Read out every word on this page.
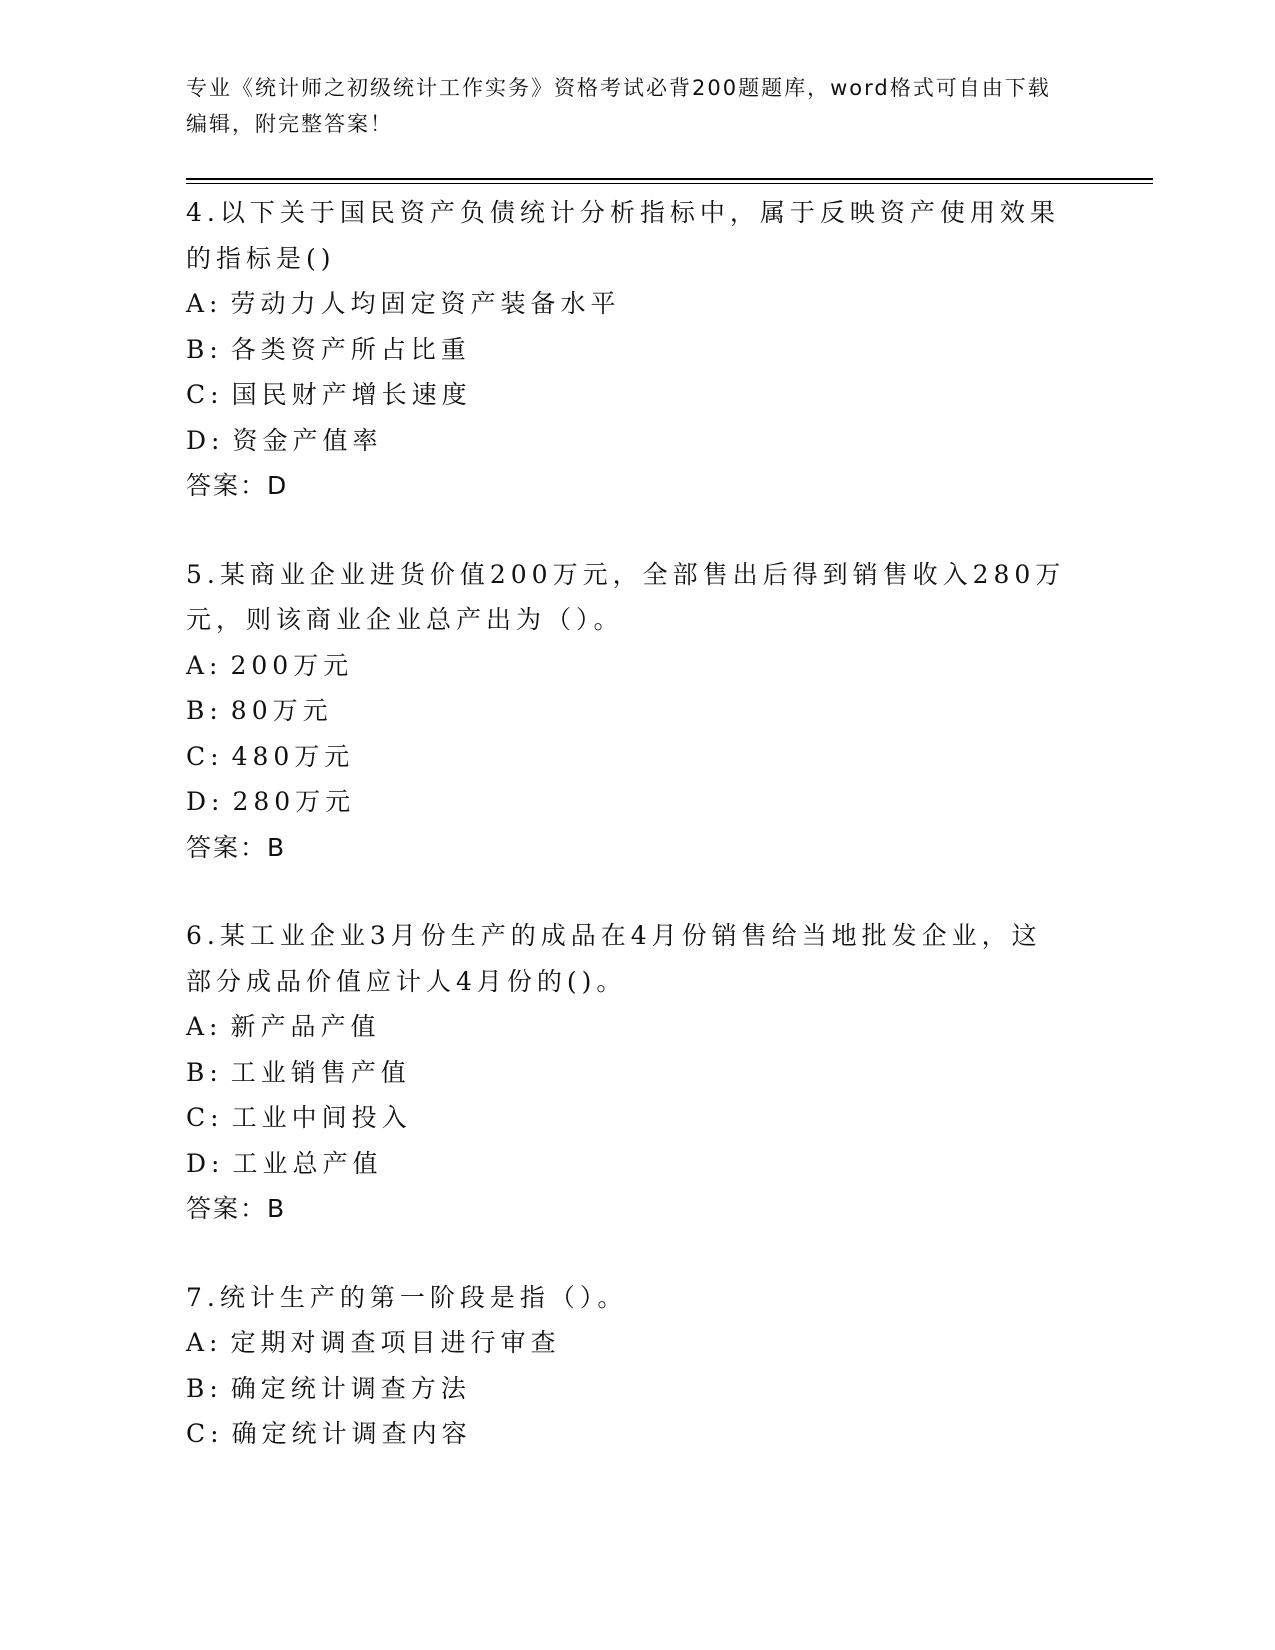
专业《统计师之初级统计工作实务》资格考试必背200题题库，word格式可自由下载编辑，附完整答案！
4.以下关于国民资产负债统计分析指标中，属于反映资产使用效果的指标是()
A: 劳动力人均固定资产装备水平
B: 各类资产所占比重
C: 国民财产增长速度
D: 资金产值率
答案：D
5.某商业企业进货价值200万元，全部售出后得到销售收入280万元，则该商业企业总产出为（）。
A: 200万元
B: 80万元
C: 480万元
D: 280万元
答案：B
6.某工业企业3月份生产的成品在4月份销售给当地批发企业，这部分成品价值应计人4月份的()。
A: 新产品产值
B: 工业销售产值
C: 工业中间投入
D: 工业总产值
答案：B
7.统计生产的第一阶段是指（）。
A: 定期对调查项目进行审查
B: 确定统计调查方法
C: 确定统计调查内容
